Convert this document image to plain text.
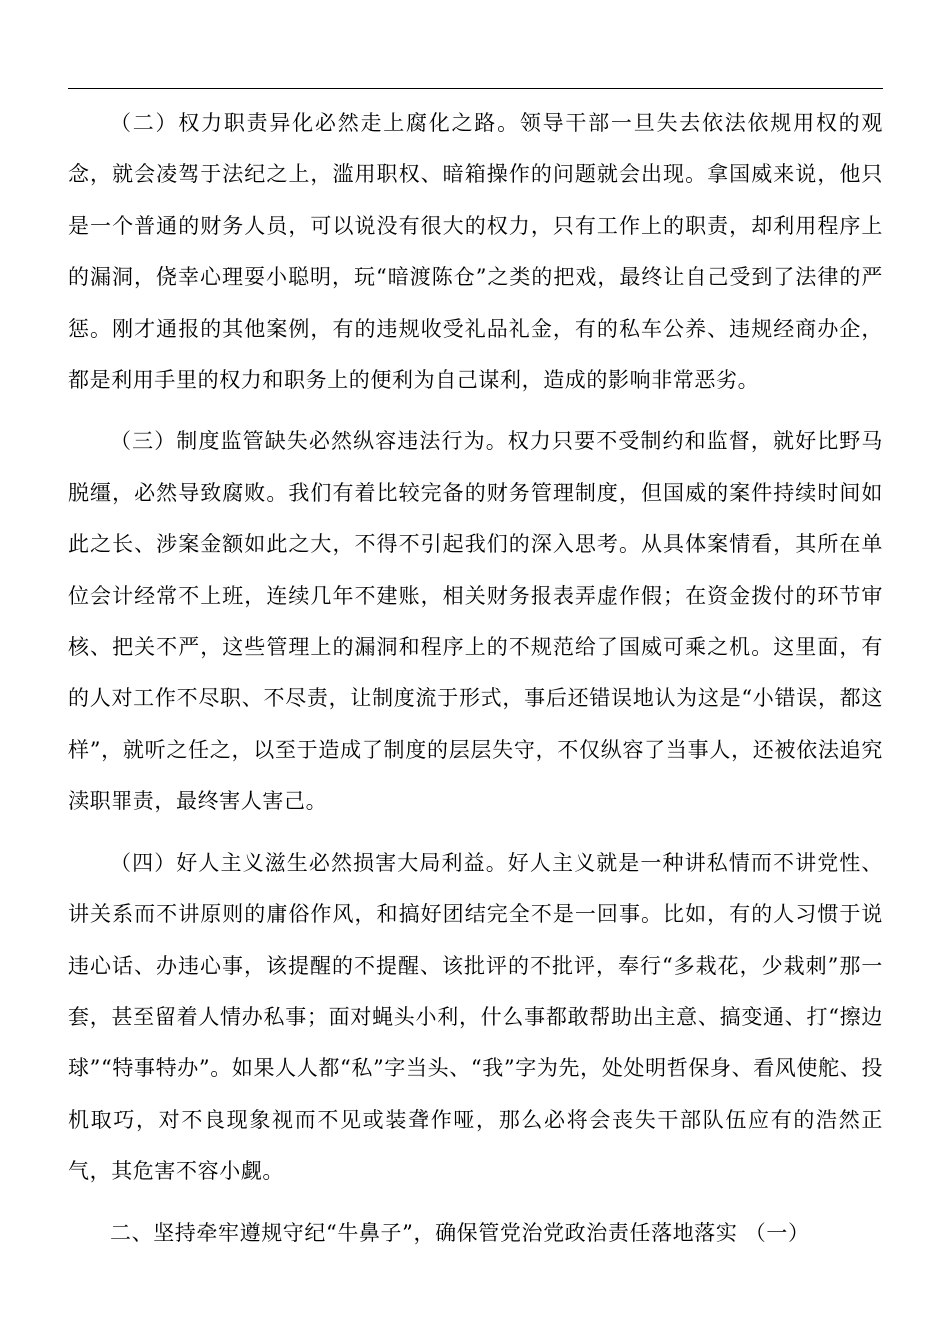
（二）权力职责异化必然走上腐化之路。领导干部一旦失去依法依规用权的观念，就会凌驾于法纪之上，滥用职权、暗箱操作的问题就会出现。拿国威来说，他只是一个普通的财务人员，可以说没有很大的权力，只有工作上的职责，却利用程序上的漏洞，侥幸心理耍小聪明，玩“暗渡陈仓”之类的把戏，最终让自己受到了法律的严惩。刚才通报的其他案例，有的违规收受礼品礼金，有的私车公养、违规经商办企，都是利用手里的权力和职务上的便利为自己谋利，造成的影响非常恶劣。

（三）制度监管缺失必然纵容违法行为。权力只要不受制约和监督，就好比野马脱缰，必然导致腐败。我们有着比较完备的财务管理制度，但国威的案件持续时间如此之长、涉案金额如此之大，不得不引起我们的深入思考。从具体案情看，其所在单位会计经常不上班，连续几年不建账，相关财务报表弄虚作假；在资金拨付的环节审核、把关不严，这些管理上的漏洞和程序上的不规范给了国威可乘之机。这里面，有的人对工作不尽职、不尽责，让制度流于形式，事后还错误地认为这是“小错误，都这样”，就听之任之，以至于造成了制度的层层失守，不仅纵容了当事人，还被依法追究渎职罪责，最终害人害己。

（四）好人主义滋生必然损害大局利益。好人主义就是一种讲私情而不讲党性、讲关系而不讲原则的庸俗作风，和搞好团结完全不是一回事。比如，有的人习惯于说违心话、办违心事，该提醒的不提醒、该批评的不批评，奉行“多栽花，少栽刺”那一套，甚至留着人情办私事；面对蝇头小利，什么事都敢帮助出主意、搞变通、打“擦边球”“特事特办”。如果人人都“私”字当头、“我”字为先，处处明哲保身、看风使舵、投机取巧，对不良现象视而不见或装聋作哑，那么必将会丧失干部队伍应有的浩然正气，其危害不容小觑。

二、坚持牵牢遵规守纪“牛鼻子”，确保管党治党政治责任落地落实 （一）
